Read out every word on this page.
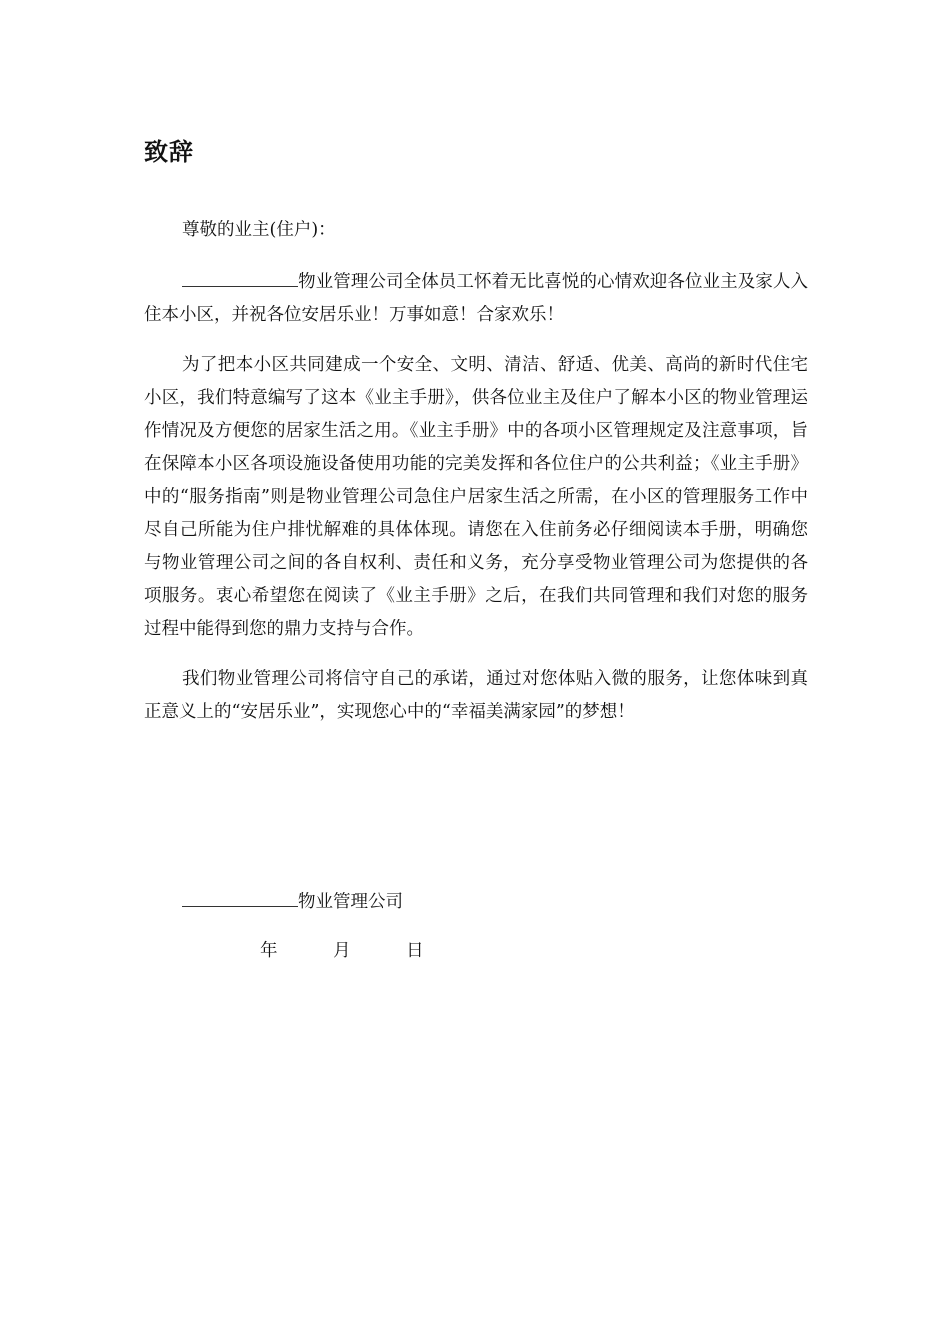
致辞

尊敬的业主(住户)：

物业管理公司全体员工怀着无比喜悦的心情欢迎各位业主及家人入住本小区，并祝各位安居乐业！万事如意！合家欢乐！

为了把本小区共同建成一个安全、文明、清洁、舒适、优美、高尚的新时代住宅小区，我们特意编写了这本《业主手册》，供各位业主及住户了解本小区的物业管理运作情况及方便您的居家生活之用。《业主手册》中的各项小区管理规定及注意事项，旨在保障本小区各项设施设备使用功能的完美发挥和各位住户的公共利益；《业主手册》中的“服务指南”则是物业管理公司急住户居家生活之所需，在小区的管理服务工作中尽自己所能为住户排忧解难的具体体现。请您在入住前务必仔细阅读本手册，明确您与物业管理公司之间的各自权利、责任和义务，充分享受物业管理公司为您提供的各项服务。衷心希望您在阅读了《业主手册》之后，在我们共同管理和我们对您的服务过程中能得到您的鼎力支持与合作。

我们物业管理公司将信守自己的承诺，通过对您体贴入微的服务，让您体味到真正意义上的“安居乐业”，实现您心中的“幸福美满家园”的梦想！

物业管理公司
年	月	日
